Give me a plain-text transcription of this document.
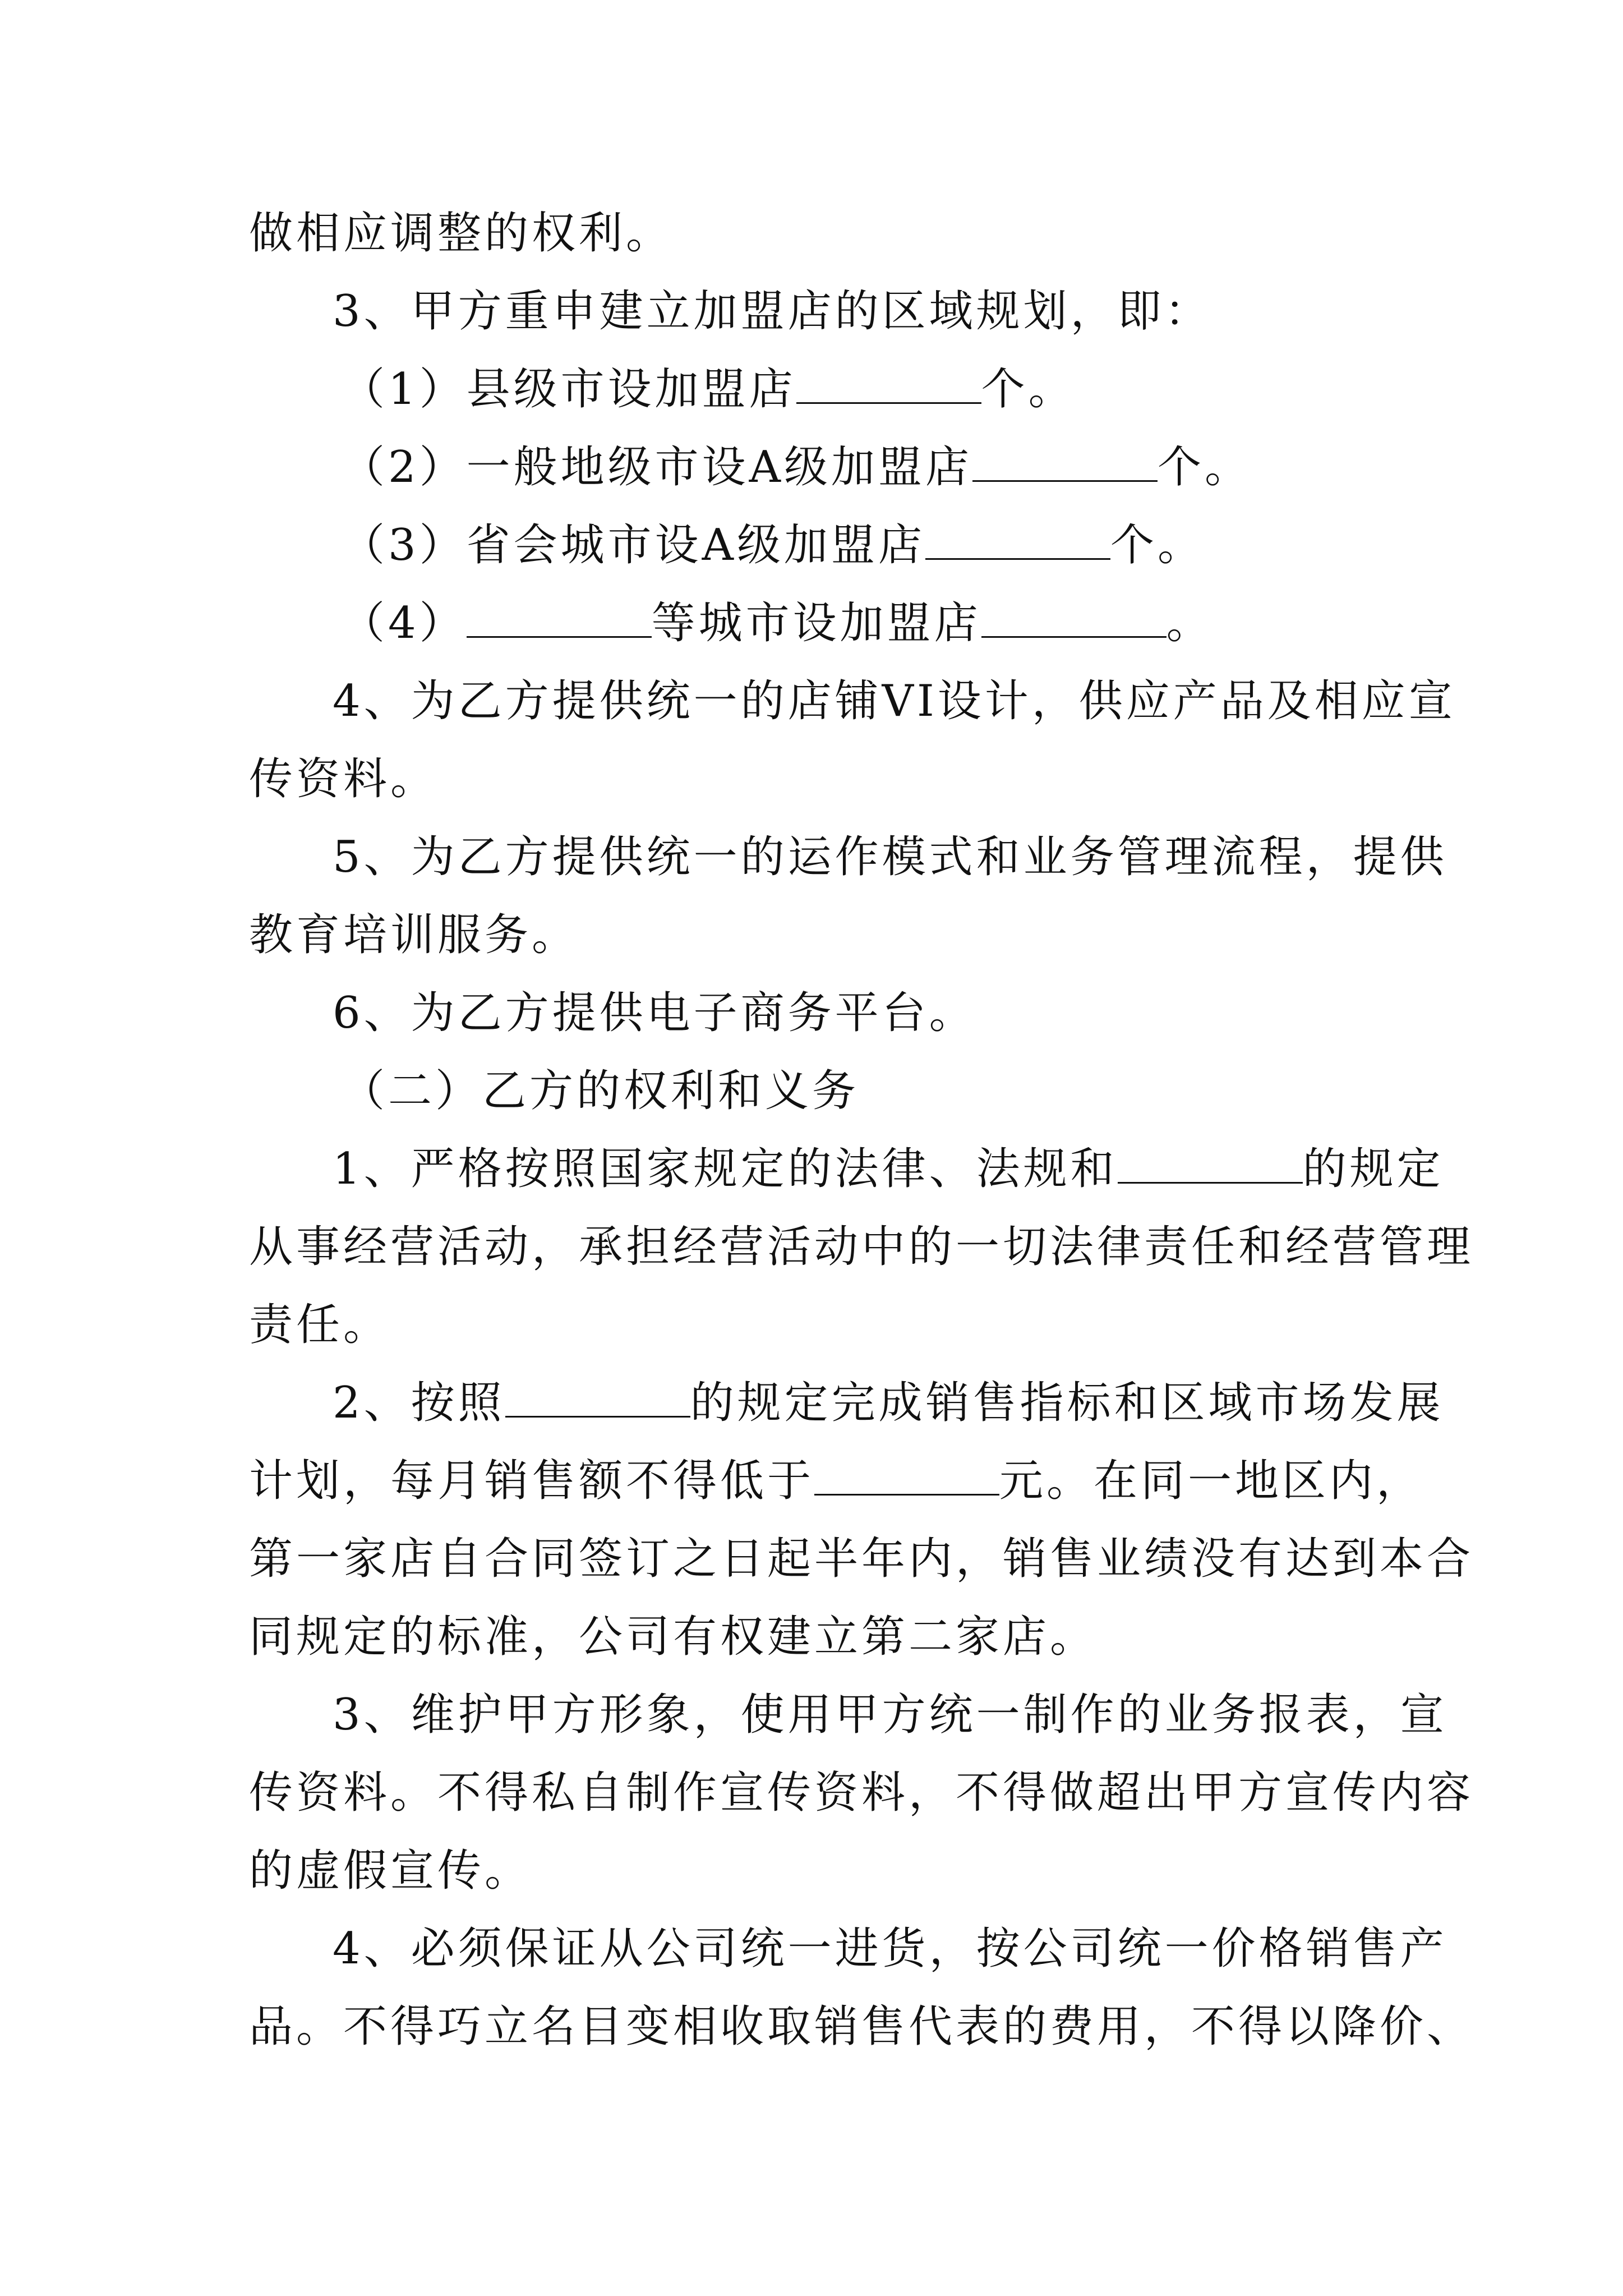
做相应调整的权利。
3、甲方重申建立加盟店的区域规划，即：
（1）县级市设加盟店	个。
（2）一般地级市设A级加盟店	个。
（3）省会城市设A级加盟店	个。
（4）	等城市设加盟店	。
4、为乙方提供统一的店铺VI设计，供应产品及相应宣
传资料。
5、为乙方提供统一的运作模式和业务管理流程，提供
教育培训服务。
6、为乙方提供电子商务平台。
（二）乙方的权利和义务
1、严格按照国家规定的法律、法规和	的规定
从事经营活动，承担经营活动中的一切法律责任和经营管理
责任。
2、按照	的规定完成销售指标和区域市场发展
计划，每月销售额不得低于	元。在同一地区内，
第一家店自合同签订之日起半年内，销售业绩没有达到本合
同规定的标准，公司有权建立第二家店。
3、维护甲方形象，使用甲方统一制作的业务报表，宣
传资料。不得私自制作宣传资料，不得做超出甲方宣传内容
的虚假宣传。
4、必须保证从公司统一进货，按公司统一价格销售产
品。不得巧立名目变相收取销售代表的费用，不得以降价、
